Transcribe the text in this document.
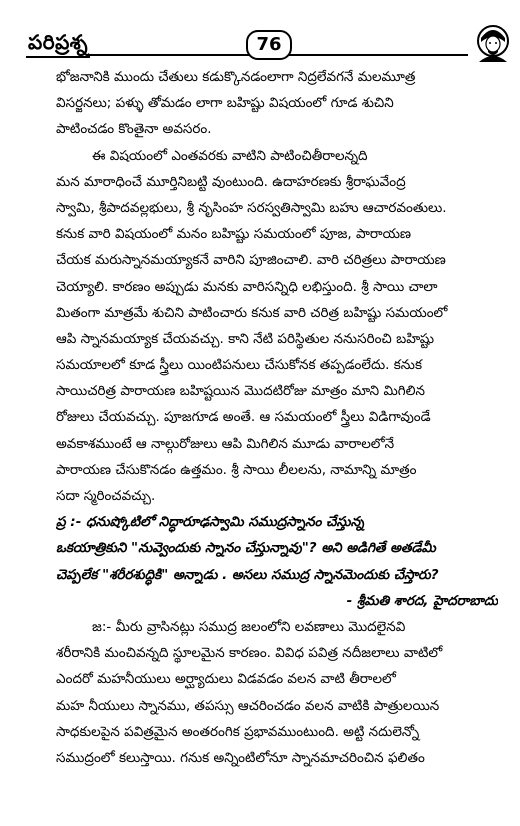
పరిప్రశ్న	76
భోజనానికి ముందు చేతులు కడుక్కొనడంలాగా నిద్రలేవగనే మలమూత్ర
విసర్జనలు; పళ్ళు తోమడం లాగా బహిష్టు విషయంలో గూడ శుచిని
పాటించడం కొంతైనా అవసరం.
ఈ విషయంలో ఎంతవరకు వాటిని పాటించితీరాలన్నది
మన మారాధించే మూర్తినిబట్టి వుంటుంది. ఉదాహరణకు శ్రీరాఘవేంద్ర
స్వామి, శ్రీపాదవల్లభులు, శ్రీ నృసింహ సరస్వతిస్వామి బహు ఆచారవంతులు.
కనుక వారి విషయంలో మనం బహిష్టు సమయంలో పూజ, పారాయణ
చేయక మరుస్నానమయ్యాకనే వారిని పూజించాలి. వారి చరిత్రలు పారాయణ
చెయ్యాలి. కారణం అప్పుడు మనకు వారిసన్నిధి లభిస్తుంది. శ్రీ సాయి చాలా
మితంగా మాత్రమే శుచిని పాటించారు కనుక వారి చరిత్ర బహిష్టు సమయంలో
ఆపి స్నానమయ్యాక చేయవచ్చు. కాని నేటి పరిస్థితుల ననుసరించి బహిష్టు
సమయాలలో కూడ స్త్రీలు యింటిపనులు చేసుకోనక తప్పడంలేదు. కనుక
సాయిచరిత్ర పారాయణ బహిష్టయిన మొదటిరోజు మాత్రం మాని మిగిలిన
రోజులు చేయవచ్చు. పూజగూడ అంతే. ఆ సమయంలో స్త్రీలు విడిగావుండే
అవకాశముంటే ఆ నాల్గురోజులు ఆపి మిగిలిన మూడు వారాలలోనే
పారాయణ చేసుకొనడం ఉత్తమం. శ్రీ సాయి లీలలను, నామాన్ని మాత్రం
సదా స్మరించవచ్చు.
ప్ర :- ధనుష్కోటిలో నిద్ధారూఢస్వామి సముద్రస్నానం చేస్తున్న
ఒకయాత్రికుని "నువ్వెందుకు స్నానం చేస్తున్నావు"? అని అడిగితే అతడేమీ
చెప్పలేక "శరీరశుద్ధికి" అన్నాడు . అసలు సముద్ర స్నానమెందుకు చేస్తారు?
- శ్రీమతి శారద, హైదరాబాదు
జ:- మీరు వ్రాసినట్లు సముద్ర జలంలోని లవణాలు మొదలైనవి
శరీరానికి మంచివన్నది స్థూలమైన కారణం. వివిధ పవిత్ర నదీజలాలు వాటిలో
ఎందరో మహనీయులు అర్ఘ్యాదులు విడవడం వలన వాటి తీరాలలో
మహ నీయులు స్నానము, తపస్సు ఆచరించడం వలన వాటికి పాత్రులయిన
సాధకులపైన పవిత్రమైన అంతరంగిక ప్రభావముంటుంది. అట్టి నదులెన్నో
సముద్రంలో కలుస్తాయి. గనుక అన్నింటిలోనూ స్నానమాచరించిన ఫలితం
